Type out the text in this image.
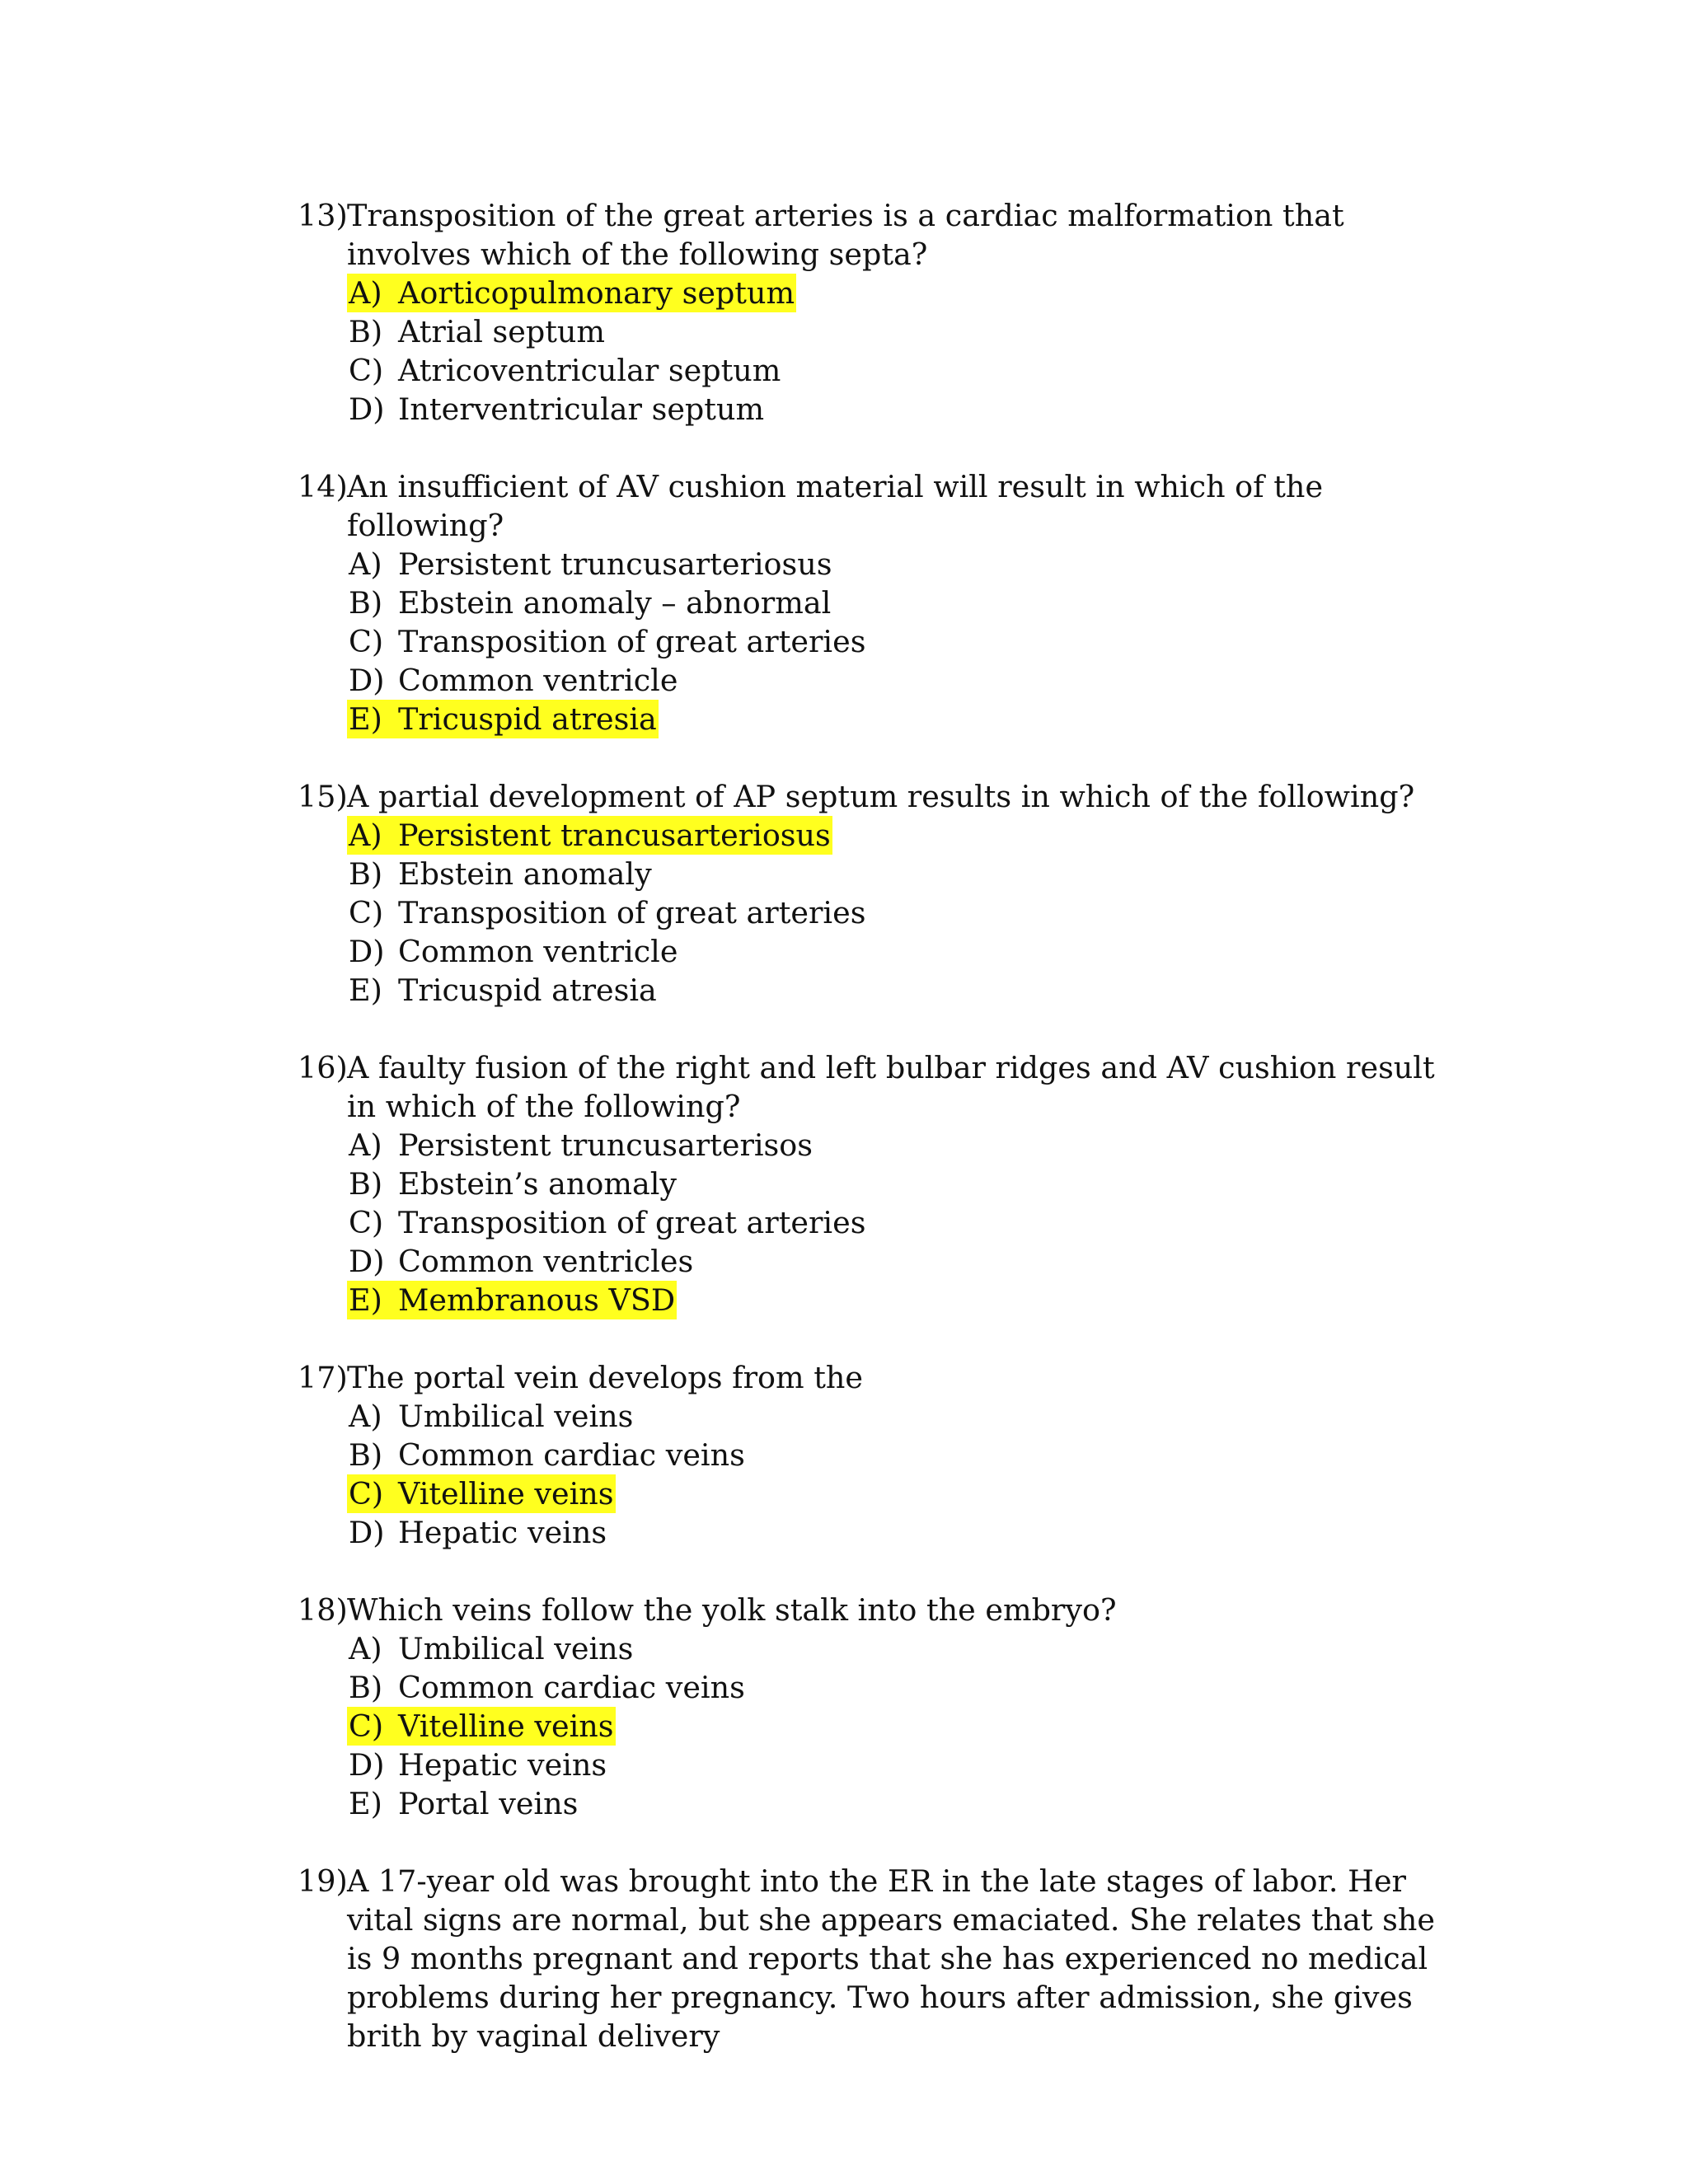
13) Transposition of the great arteries is a cardiac malformation that involves which of the following septa?
A) Aorticopulmonary septum
B) Atrial septum
C) Atricoventricular septum
D) Interventricular septum
14) An insufficient of AV cushion material will result in which of the following?
A) Persistent truncusarteriosus
B) Ebstein anomaly – abnormal
C) Transposition of great arteries
D) Common ventricle
E) Tricuspid atresia
15) A partial development of AP septum results in which of the following?
A) Persistent trancusarteriosus
B) Ebstein anomaly
C) Transposition of great arteries
D) Common ventricle
E) Tricuspid atresia
16) A faulty fusion of the right and left bulbar ridges and AV cushion result in which of the following?
A) Persistent truncusarterisos
B) Ebstein’s anomaly
C) Transposition of great arteries
D) Common ventricles
E) Membranous VSD
17) The portal vein develops from the
A) Umbilical veins
B) Common cardiac veins
C) Vitelline veins
D) Hepatic veins
18) Which veins follow the yolk stalk into the embryo?
A) Umbilical veins
B) Common cardiac veins
C) Vitelline veins
D) Hepatic veins
E) Portal veins
19) A 17-year old was brought into the ER in the late stages of labor. Her vital signs are normal, but she appears emaciated. She relates that she is 9 months pregnant and reports that she has experienced no medical problems during her pregnancy. Two hours after admission, she gives brith by vaginal delivery
